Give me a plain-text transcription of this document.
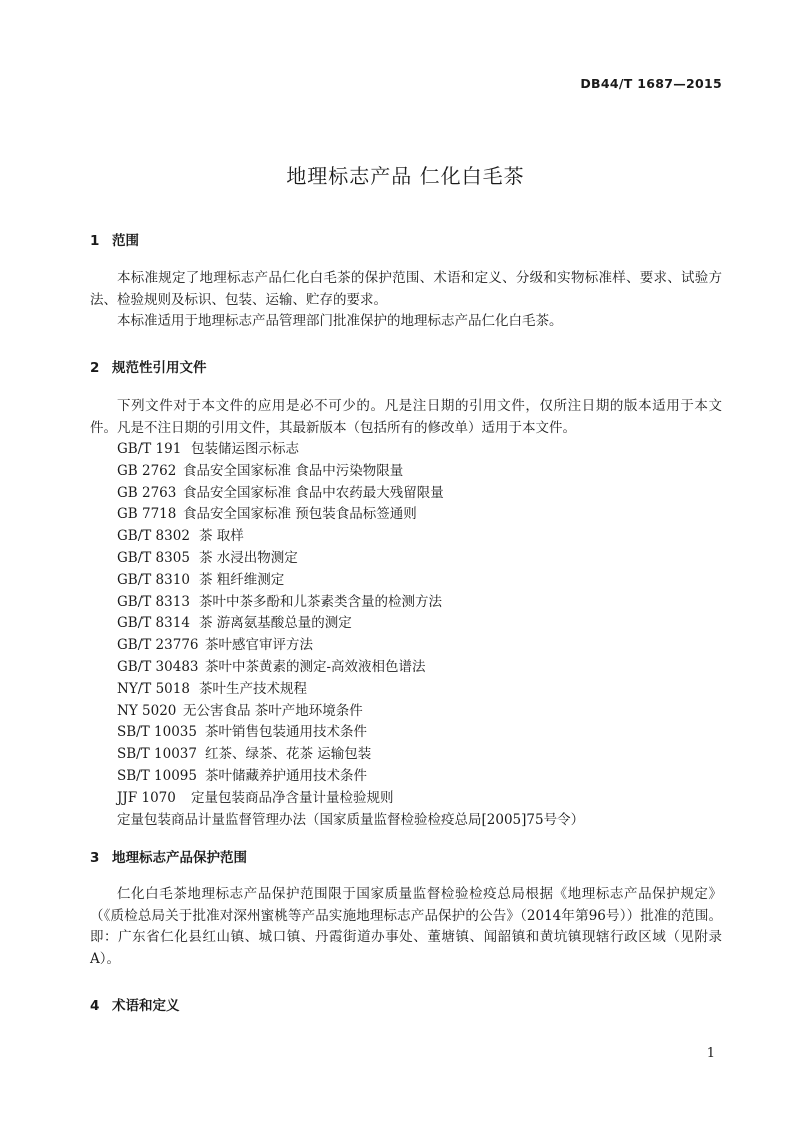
DB44/T 1687—2015
地理标志产品 仁化白毛茶
1 范围
本标准规定了地理标志产品仁化白毛茶的保护范围、术语和定义、分级和实物标准样、要求、试验方法、检验规则及标识、包装、运输、贮存的要求。
本标准适用于地理标志产品管理部门批准保护的地理标志产品仁化白毛茶。
2 规范性引用文件
下列文件对于本文件的应用是必不可少的。凡是注日期的引用文件，仅所注日期的版本适用于本文件。凡是不注日期的引用文件，其最新版本（包括所有的修改单）适用于本文件。
GB/T 191 包装储运图示标志
GB 2762 食品安全国家标准 食品中污染物限量
GB 2763 食品安全国家标准 食品中农药最大残留限量
GB 7718 食品安全国家标准 预包装食品标签通则
GB/T 8302 茶 取样
GB/T 8305 茶 水浸出物测定
GB/T 8310 茶 粗纤维测定
GB/T 8313 茶叶中茶多酚和儿茶素类含量的检测方法
GB/T 8314 茶 游离氨基酸总量的测定
GB/T 23776 茶叶感官审评方法
GB/T 30483 茶叶中茶黄素的测定-高效液相色谱法
NY/T 5018 茶叶生产技术规程
NY 5020 无公害食品 茶叶产地环境条件
SB/T 10035 茶叶销售包装通用技术条件
SB/T 10037 红茶、绿茶、花茶 运输包装
SB/T 10095 茶叶储藏养护通用技术条件
JJF 1070 定量包装商品净含量计量检验规则
定量包装商品计量监督管理办法（国家质量监督检验检疫总局[2005]75号令）
3 地理标志产品保护范围
仁化白毛茶地理标志产品保护范围限于国家质量监督检验检疫总局根据《地理标志产品保护规定》（《质检总局关于批准对深州蜜桃等产品实施地理标志产品保护的公告》（2014年第96号））批准的范围。即：广东省仁化县红山镇、城口镇、丹霞街道办事处、董塘镇、闻韶镇和黄坑镇现辖行政区域（见附录A）。
4 术语和定义
1
